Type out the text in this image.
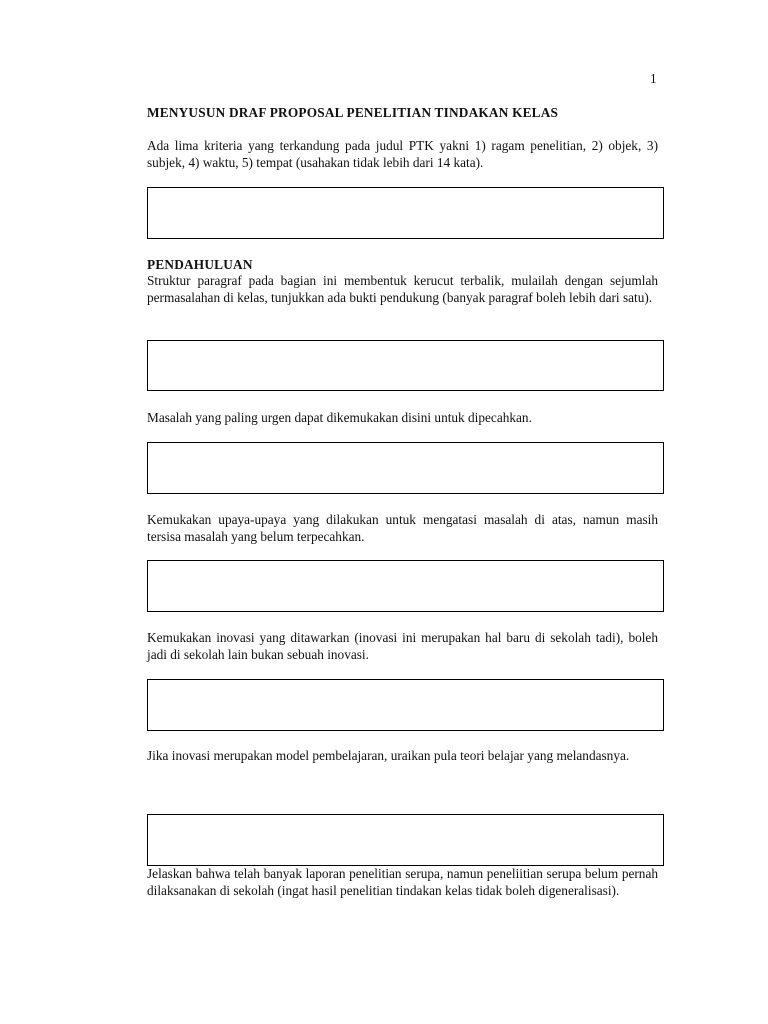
1
MENYUSUN DRAF PROPOSAL PENELITIAN TINDAKAN KELAS
Ada lima kriteria yang terkandung pada judul PTK yakni 1) ragam penelitian, 2) objek, 3) subjek, 4) waktu, 5) tempat (usahakan tidak lebih dari 14 kata).
PENDAHULUAN
Struktur paragraf pada bagian ini membentuk kerucut terbalik, mulailah dengan sejumlah permasalahan di kelas, tunjukkan ada bukti pendukung (banyak paragraf boleh lebih dari satu).
Masalah yang paling urgen dapat dikemukakan disini untuk dipecahkan.
Kemukakan upaya-upaya yang dilakukan untuk mengatasi masalah di atas, namun masih tersisa masalah yang belum terpecahkan.
Kemukakan inovasi yang ditawarkan (inovasi ini merupakan hal baru di sekolah tadi), boleh jadi di sekolah lain bukan sebuah inovasi.
Jika inovasi merupakan model pembelajaran, uraikan pula teori belajar yang melandasnya.
Jelaskan bahwa telah banyak laporan penelitian serupa, namun peneliitian serupa belum pernah dilaksanakan di sekolah (ingat hasil penelitian tindakan kelas tidak boleh digeneralisasi).
